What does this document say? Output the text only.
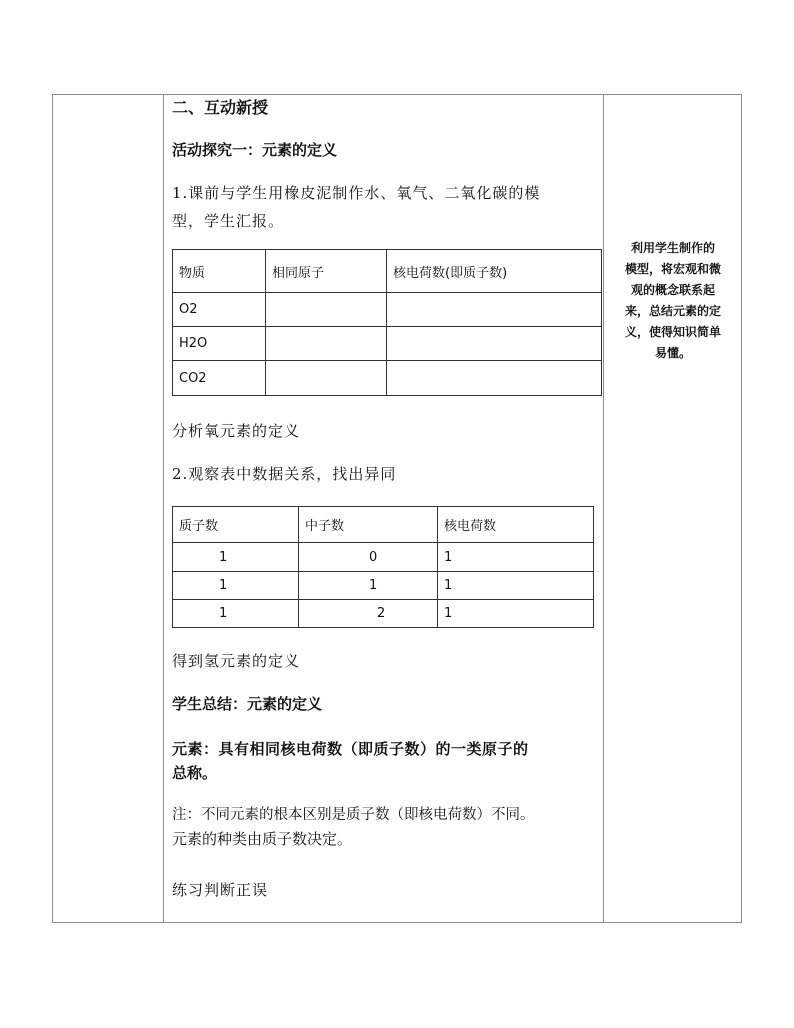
二、互动新授
活动探究一：元素的定义
1.课前与学生用橡皮泥制作水、氧气、二氧化碳的模
型，学生汇报。
物质	相同原子	核电荷数(即质子数)
O2		
H2O		
CO2		
分析氧元素的定义
2.观察表中数据关系，找出异同
质子数	中子数	核电荷数
1	0	1
1	1	1
1	2	1
得到氢元素的定义
学生总结：元素的定义
元素：具有相同核电荷数（即质子数）的一类原子的
总称。
注：不同元素的根本区别是质子数（即核电荷数）不同。
元素的种类由质子数决定。
练习判断正误
利用学生制作的
模型，将宏观和微
观的概念联系起
来，总结元素的定
义，使得知识简单
易懂。
